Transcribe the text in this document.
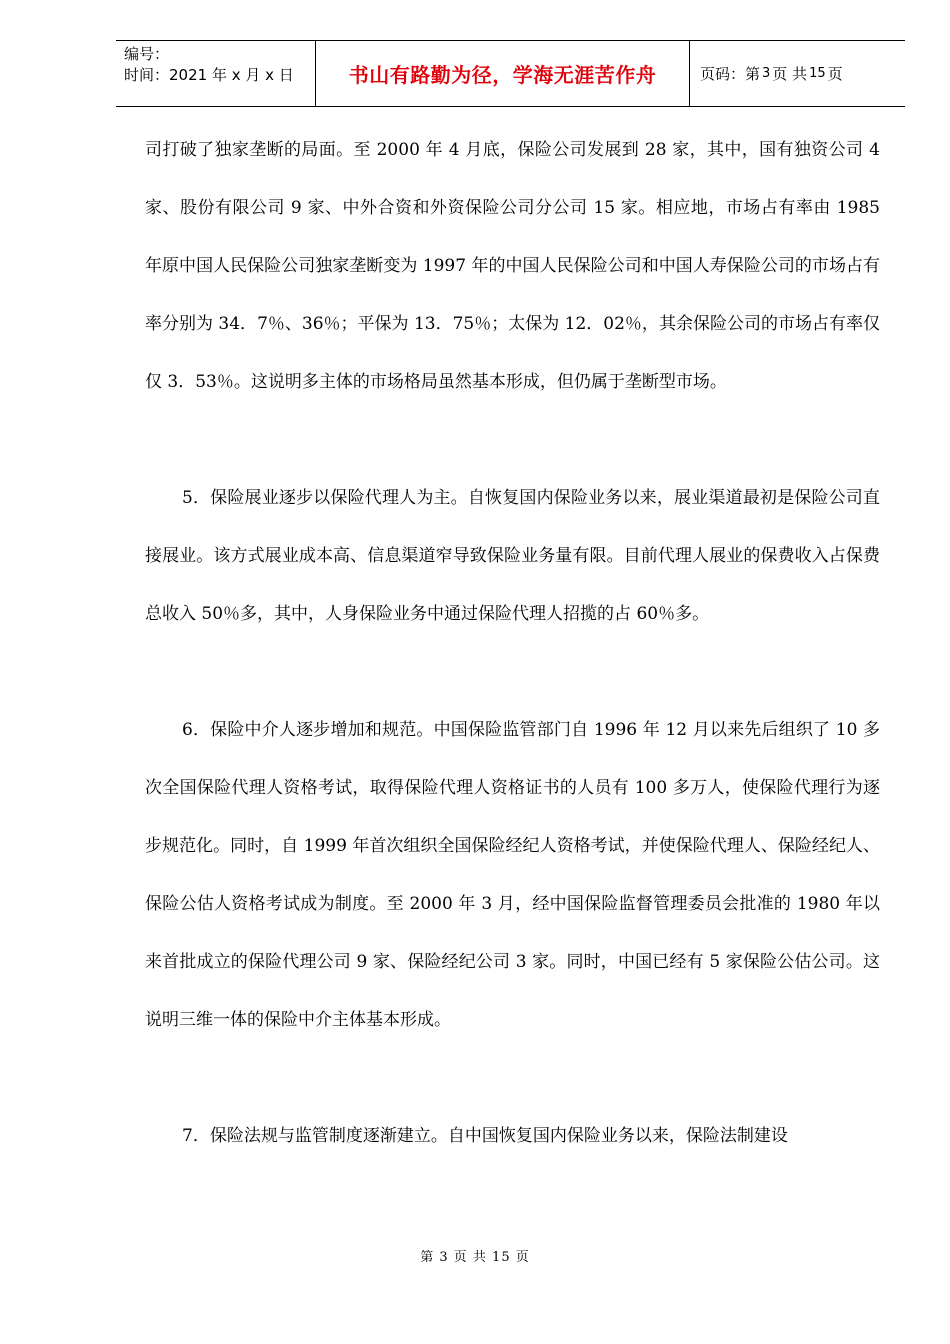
编号：
时间：2021 年 x 月 x 日	书山有路勤为径，学海无涯苦作舟	页码：第 3 页 共 15 页

司打破了独家垄断的局面。至 2000 年 4 月底，保险公司发展到 28 家，其中，国有独资公司 4 家、股份有限公司 9 家、中外合资和外资保险公司分公司 15 家。相应地，市场占有率由 1985 年原中国人民保险公司独家垄断变为 1997 年的中国人民保险公司和中国人寿保险公司的市场占有率分别为 34．7％、36％；平保为 13．75％；太保为 12．02％，其余保险公司的市场占有率仅仅 3．53％。这说明多主体的市场格局虽然基本形成，但仍属于垄断型市场。

5．保险展业逐步以保险代理人为主。自恢复国内保险业务以来，展业渠道最初是保险公司直接展业。该方式展业成本高、信息渠道窄导致保险业务量有限。目前代理人展业的保费收入占保费总收入 50％多，其中，人身保险业务中通过保险代理人招揽的占 60％多。

6．保险中介人逐步增加和规范。中国保险监管部门自 1996 年 12 月以来先后组织了 10 多次全国保险代理人资格考试，取得保险代理人资格证书的人员有 100 多万人，使保险代理行为逐步规范化。同时，自 1999 年首次组织全国保险经纪人资格考试，并使保险代理人、保险经纪人、保险公估人资格考试成为制度。至 2000 年 3 月，经中国保险监督管理委员会批准的 1980 年以来首批成立的保险代理公司 9 家、保险经纪公司 3 家。同时，中国已经有 5 家保险公估公司。这说明三维一体的保险中介主体基本形成。

7．保险法规与监管制度逐渐建立。自中国恢复国内保险业务以来，保险法制建设

第 3 页 共 15 页
